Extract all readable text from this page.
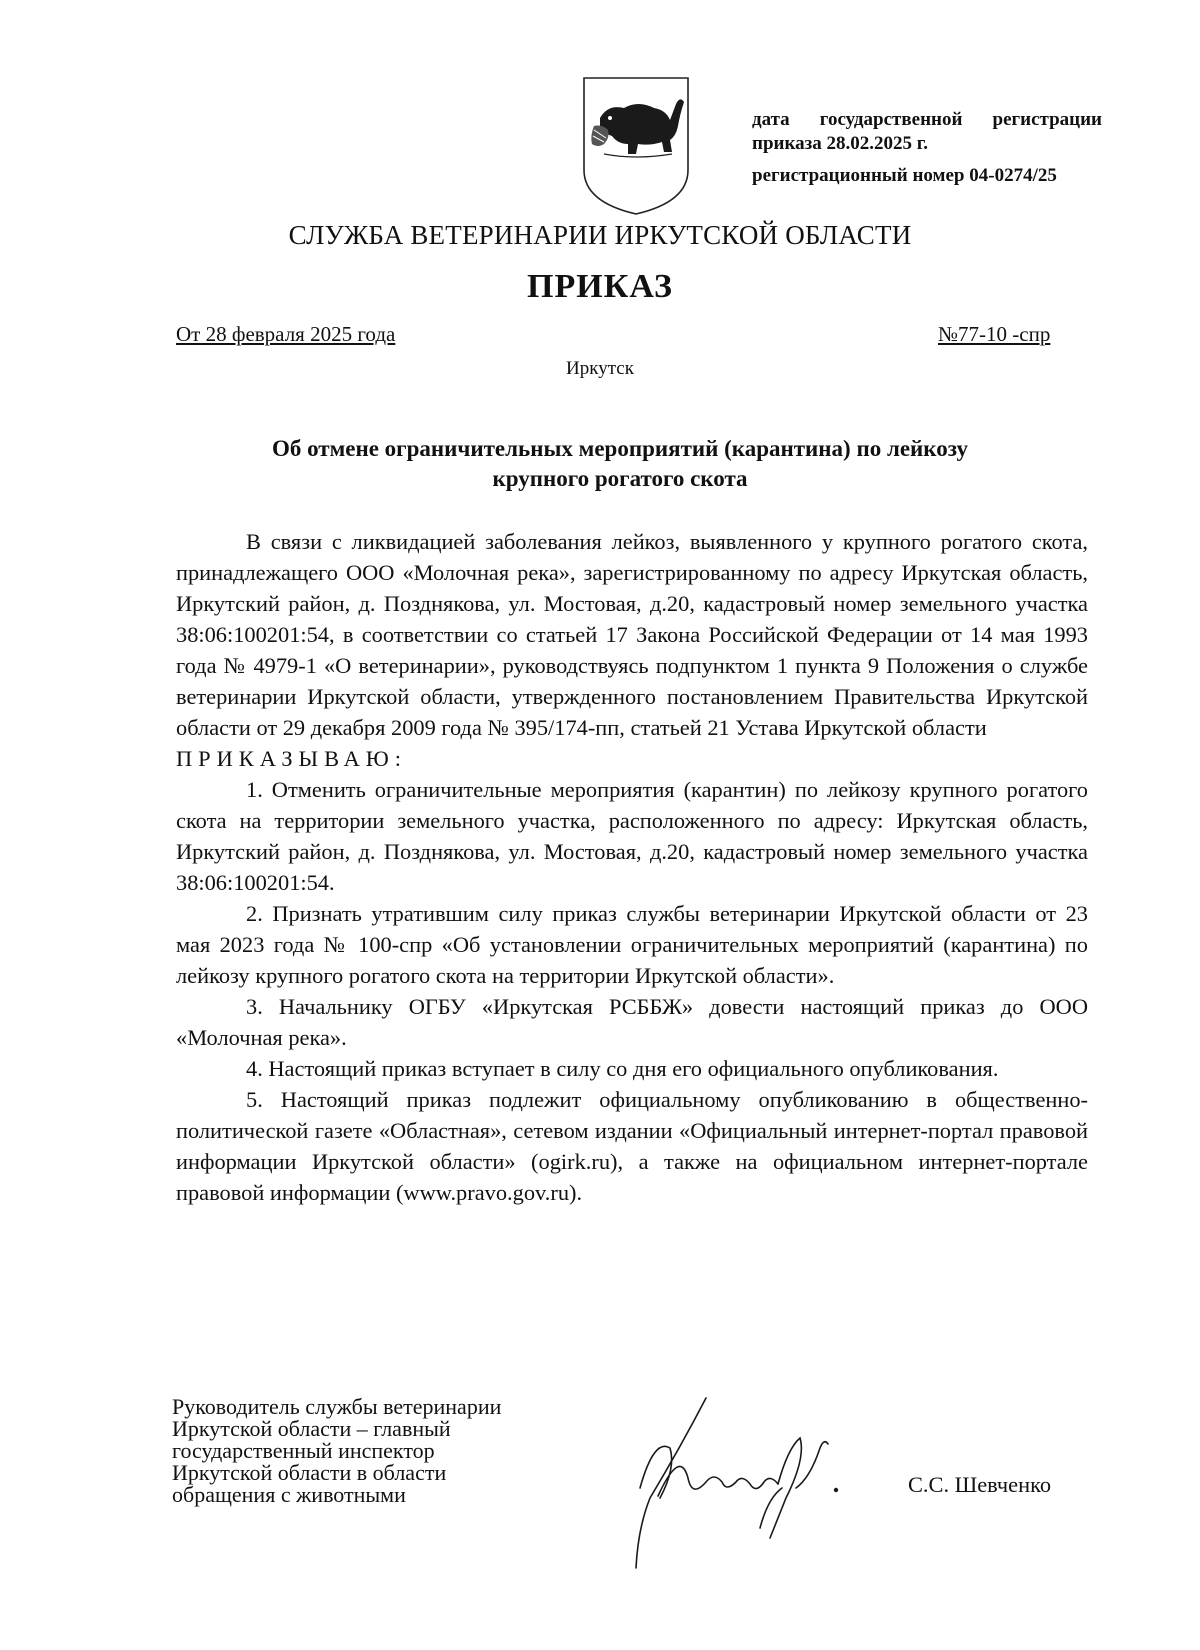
дата государственной регистрации
приказа 28.02.2025 г.
регистрационный номер 04-0274/25
СЛУЖБА ВЕТЕРИНАРИИ ИРКУТСКОЙ ОБЛАСТИ
ПРИКАЗ
От 28 февраля 2025 года	№77-10 -спр
Иркутск
Об отмене ограничительных мероприятий (карантина) по лейкозу
крупного рогатого скота

В связи с ликвидацией заболевания лейкоз, выявленного у крупного рогатого скота, принадлежащего ООО «Молочная река», зарегистрированному по адресу Иркутская область, Иркутский район, д. Позднякова, ул. Мостовая, д.20, кадастровый номер земельного участка 38:06:100201:54, в соответствии со статьей 17 Закона Российской Федерации от 14 мая 1993 года № 4979-1 «О ветеринарии», руководствуясь подпунктом 1 пункта 9 Положения о службе ветеринарии Иркутской области, утвержденного постановлением Правительства Иркутской области от 29 декабря 2009 года № 395/174-пп, статьей 21 Устава Иркутской области

ПРИКАЗЫВАЮ:

1. Отменить ограничительные мероприятия (карантин) по лейкозу крупного рогатого скота на территории земельного участка, расположенного по адресу: Иркутская область, Иркутский район, д. Позднякова, ул. Мостовая, д.20, кадастровый номер земельного участка 38:06:100201:54.

2. Признать утратившим силу приказ службы ветеринарии Иркутской области от 23 мая 2023 года № 100-спр «Об установлении ограничительных мероприятий (карантина) по лейкозу крупного рогатого скота на территории Иркутской области».

3. Начальнику ОГБУ «Иркутская РСББЖ» довести настоящий приказ до ООО «Молочная река».

4. Настоящий приказ вступает в силу со дня его официального опубликования.

5. Настоящий приказ подлежит официальному опубликованию в общественно-политической газете «Областная», сетевом издании «Официальный интернет-портал правовой информации Иркутской области» (ogirk.ru), а также на официальном интернет-портале правовой информации (www.pravo.gov.ru).

Руководитель службы ветеринарии
Иркутской области – главный
государственный инспектор
Иркутской области в области
обращения с животными	С.С. Шевченко
